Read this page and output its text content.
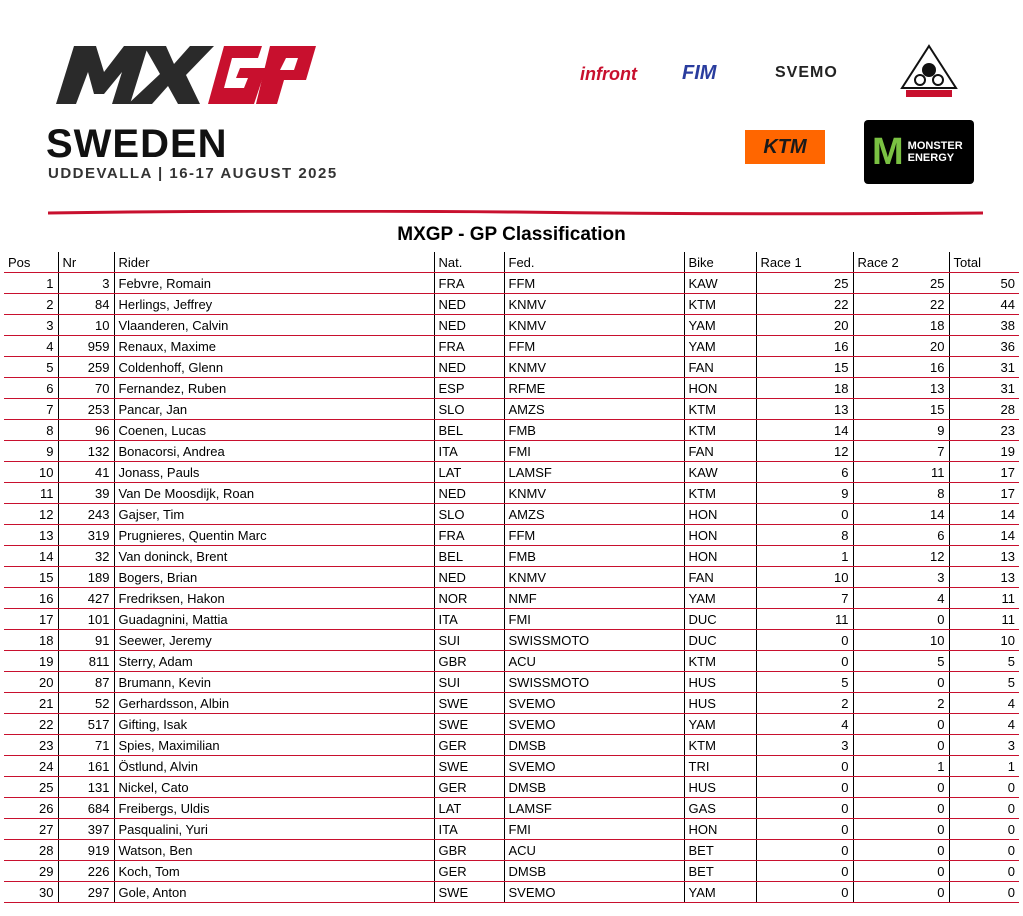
SWEDEN
UDDEVALLA | 16-17 AUGUST 2025
infront FIM	SVEMO
KTM	M MONSTER ENERGY
MXGP - GP Classification
Pos	Nr	Rider	Nat.	Fed.	Bike	Race 1	Race 2	Total
1	3	Febvre, Romain	FRA	FFM	KAW	25	25	50
2	84	Herlings, Jeffrey	NED	KNMV	KTM	22	22	44
3	10	Vlaanderen, Calvin	NED	KNMV	YAM	20	18	38
4	959	Renaux, Maxime	FRA	FFM	YAM	16	20	36
5	259	Coldenhoff, Glenn	NED	KNMV	FAN	15	16	31
6	70	Fernandez, Ruben	ESP	RFME	HON	18	13	31
7	253	Pancar, Jan	SLO	AMZS	KTM	13	15	28
8	96	Coenen, Lucas	BEL	FMB	KTM	14	9	23
9	132	Bonacorsi, Andrea	ITA	FMI	FAN	12	7	19
10	41	Jonass, Pauls	LAT	LAMSF	KAW	6	11	17
11	39	Van De Moosdijk, Roan	NED	KNMV	KTM	9	8	17
12	243	Gajser, Tim	SLO	AMZS	HON	0	14	14
13	319	Prugnieres, Quentin Marc	FRA	FFM	HON	8	6	14
14	32	Van doninck, Brent	BEL	FMB	HON	1	12	13
15	189	Bogers, Brian	NED	KNMV	FAN	10	3	13
16	427	Fredriksen, Hakon	NOR	NMF	YAM	7	4	11
17	101	Guadagnini, Mattia	ITA	FMI	DUC	11	0	11
18	91	Seewer, Jeremy	SUI	SWISSMOTO	DUC	0	10	10
19	811	Sterry, Adam	GBR	ACU	KTM	0	5	5
20	87	Brumann, Kevin	SUI	SWISSMOTO	HUS	5	0	5
21	52	Gerhardsson, Albin	SWE	SVEMO	HUS	2	2	4
22	517	Gifting, Isak	SWE	SVEMO	YAM	4	0	4
23	71	Spies, Maximilian	GER	DMSB	KTM	3	0	3
24	161	Östlund, Alvin	SWE	SVEMO	TRI	0	1	1
25	131	Nickel, Cato	GER	DMSB	HUS	0	0	0
26	684	Freibergs, Uldis	LAT	LAMSF	GAS	0	0	0
27	397	Pasqualini, Yuri	ITA	FMI	HON	0	0	0
28	919	Watson, Ben	GBR	ACU	BET	0	0	0
29	226	Koch, Tom	GER	DMSB	BET	0	0	0
30	297	Gole, Anton	SWE	SVEMO	YAM	0	0	0
